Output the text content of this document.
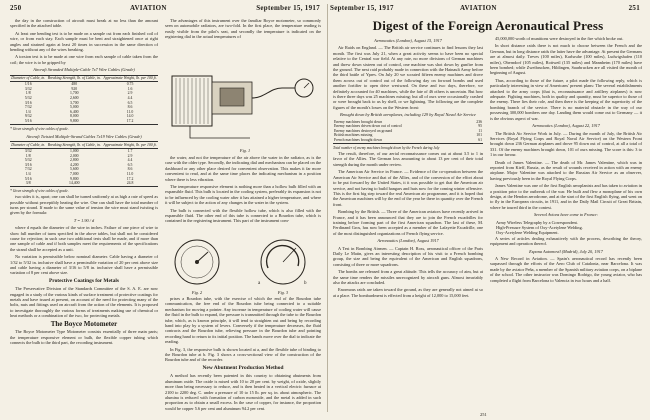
250	AVIATION	September 15, 1917 September 15, 1917	AVIATION	251

the day in the construction of aircraft must break at no less than the amount specified in the attached table.

At least one bending test is to be made on a sample cut from each finished coil of wire, or from each stay. Each sample must be bent and straightened once at right angles and strained again at least 20 times in succession in the same direction of bending without any of the wires breaking.

A torsion test is to be made at one wire from each sample of cable taken from the coil; the wire is to be gripped by

Aircraft Stranded Multiple-Cable 7x7 Wire Cables (Grade)
Diameter of Cable, in.	Breaking Strength, lb. of Cable, in.	Approximate Weight, lb. per 100 ft.
1/16	480	0.75
3/32	920	1.6
1/8	1,700	2.9
5/32	2,600	4.4
3/16	3,700	6.5
7/32	5,000	8.6
1/4	6,400	11.0
9/32	8,000	14.0
5/16	9,800	17.2
* Given strength of wire cables of grade.
Aircraft Twisted Multiple-Strand Cables 7x19 Wire Cables (Grade)
Diameter of Cable, in.	Breaking Strength, lb. of Cable, in.	Approximate Weight, lb. per 100 ft.
3/32	1,000	1.7
1/8	2,000	2.9
5/32	2,800	4.4
3/16	4,200	6.5
7/32	5,600	8.6
1/4	7,000	11.0
5/16	9,800	17.2
3/8	14,400	24.8
* Given strength of wire cables of grade.

two sides it is, apart; one can shall be turned uniformly at as high a rate of speed as possible without perceptibly heating the wire. One can shall have the total number of turns per strand. If made to the same value of tension the wire must stand twisting is given by the formula:

T = 1.90 / d

where d equals the diameter of the wire in inches. Failure of one piece of wire to show full number of turns specified in the above tables, but shall not be considered cause for rejection; in such case two additional tests shall be made, and if more than one sample of cable and if both samples meet the requirements of the specifications the strand shall be accepted as a unit.

No variation is permissible below nominal diameter. Cable having a diameter of 1/32 to 5/32 in. inclusive shall have a permissible variation of 20 per cent above size and cable having a diameter of 3/16 to 5/8 in. inclusive shall have a permissible variation of 8 per cent above size.

Protective Coatings for Metals

The Preservative Division of the Standards Committee of the S. A. E. are now engaged in a study of the various kinds of surface treatment of protective coatings for metals and have issued at present, on account of the need for protecting many of the bolts, nuts and fittings used on aircraft from the action of the elements. It is proposed to investigate thoroughly the various forms of treatments making use of chemical or heat methods or a combination of the two, for protecting metals.

The Boyce Motometer

The Boyce Motometer Type Motometer consists essentially of three main parts; the temperature responsive element or bulb, the flexible copper tubing which connects the bulb to the third part, the recording instrument.

The advantages of this instrument over the familiar Boyce motometer, so commonly seen on automobile radiators, are two-fold. In the first place, the temperature reading is easily visible from the pilot's seat, and secondly the temperature is indicated on the registering dial in the actual temperatures of

Fig. 1

the water, and not the temperature of the air above the water in the radiator, as is the case with the older type. Secondly, the indicating dial and mechanism can be placed on the dashboard or any other place desired for convenient observation. This makes it far more convenient to read, and at the same time places the indicating mechanism in a position where there is less vibration.

The temperature responsive element is nothing more than a hollow bulb filled with an expansible fluid. This bulb is located in the cooling system, preferably its expansion is not to be influenced by the cooling water after it has attained a higher temperature, and where it will be subject to the action of any changes in the water in the system.

The bulb is connected with the flexible hollow tube, which is also filled with the expansible fluid. The other end of this tube is connected to a Bourdon tube, which is contained in the registering instrument. This part of the instrument com-

Fig. 2
a	b
Fig. 3

prises a Bourdon tube, with the exercise of which the end of the Bourdon tube communication, the free end of the Bourdon tube being connected to a suitable mechanism for moving a pointer. Any increase in temperature of cooling water will cause the fluid in the bulb to expand, the pressure is transmitted through the tube to the Bourdon tube, which, as is known principle, it will tend to straighten out and being by recording hand into play by a system of levers. Conversely if the temperature decreases, the fluid contracts and the Bourdon tube, relieving pressure in the Bourdon tube and pointing recording hand to return to its initial position. The hands move over the dial to indicate the reading.

In Fig. 3, the responsive bulb is shown located at a, and the flexible tube of binding to the Bourdon tube at b. Fig. 3 shows a cross-sectional view of the construction of the Bourdon tube and of the recorder.

New Abutment Production Method

A method has recently been patented in this country to obtaining abutments from aluminum oxide. The oxide is mixed with 10 to 20 per cent. by weight, of oxide, slightly more than being necessary to reduce, and is then heated in a vertical electric furnace at 2100 to 2200 deg. C. under a pressure of 10 to 15 lb. per sq. in. about atmospheric. The alumina is reduced with formation of carbon monoxide, and the metal is added in such proportion as to obtain a small excess. In the case of copper, for instance, the proportion would be copper 5.6 per cent and aluminum 94.2 per cent.

Digest of the Foreign Aeronautical Press
Aeronautics (London), August 15, 1917

Air Raids on England. — The British air service continues to find lessons they last month. The first was July 21, when a great activity seems to have been no special relative to the Central war field. At any rate, no more divisions of German machines and threw down sixteen out of control, one machine was shot down by gunfire from the ground. The next raid probably made in connection with the Hainault Army before the third battle of Ypres. On July 20 we scouted fifteen enemy machines and drove them across out of control out of the following day on forward bombs and used another fortifier to open drive westward. On these and two days, therefore, we definitely accounted for 40 machines, while the fate of 46 others is uncertain. But how is there three days was 25 machines missing; but all of ours were occasionally crashed or were brought back to us by shell, or we lightning. The following are the complete figures of the month's losses on the Western front:

Brought down by British aeroplanes, including 129 by Royal Naval Air Service
Enemy machines brought down	236
Enemy machines driven down out of control	95
Enemy machines destroyed on ground	11
British machines missing	101
French machines brought down	61
Total number of enemy machines brought down by the French during July

The result, therefore, of our aerial reconnaissance comes out at about 3.5 to 1 in favor of the Allies. The German loss amounting to about 13 per cent of their total strength during the month under review.

The American Air Service in France. — Evidence of the co-operation between the American Air Service and that of the Allies, and of the conversion of the effort about to be put forward by the United States, it it was possible to get that the American air service, and not having to build hangars and huts now for the coming winter offensive. This is the first big step toward the real American air programme, and it is hoped that the American machines will by the end of the year be there in quantity over the French front.

Bombing by the British. — Three of the American aviators have recently arrived in France, and it has been announced that they are to join the French escadrilles for training before forming part of the first American squadron. The last of these, M. Ferdinand Gros, has now been accepted as a member of the Lafayette Escadrille, one of the most distinguished organizations of French flying service.

Aeronautics (London), August 1917

A Test in Bombing Airmen. — Captain H. Ross, aeronautical officer of the Paris Daily Le Matin, gives an interesting description of his visit to a French bombing group, the size and being the equivalent of the American and English squadrons, consisting of three or more squadrons.

The bombs are released from a great altitude. This tells the accuracy of aim, but at the same time renders the missiles unrecognized by aircraft guns. Almost invariably also the attacks are concluded.

Enormous raids are taken toward the ground, as they are generally not aimed at so at a place. The bombardment is effected from a height of 12,000 to 15,000 feet.

45,000,000 worth of munitions were destroyed in the fire which broke out.

In short distance raids there is not much to choose between the French and the German, but in long distance raids the latter have the advantage. At present the Germans are at almost daily. Treves (100 miles), Karlsruhe (100 miles), Ludwigshafen (110 miles), Oberndorf (105 miles), Rottweil (135 miles) and Mannheim (170 miles) have been bombed; while Zweibrucken, Hildingen, Saarbrucken are all visited the month of beginning of August.

Thus, according to those of the future, a pilot made the following reply, which is particularly interesting in view of Americans' present plans: The several establishments attached to the army corps (that is, reconnaissance and artillery airplanes) is now adequate. Fighting machines, both in quality and quantity, must be superior to those of the enemy. There lies their role, and then there is the keeping of the superiority of the bombing branch of the service. There is no material obstacle in the way of our possessing 300,000 bombers one day. Landing them would come out to Germany — it is the obvious aspect of war.

Aeronautics (London), August 22, 1917

The British Air Service Work in July. — During the month of July, the British Air Services (Royal Flying Corps and Royal Naval Air Service) on the Western Front brought down 236 German airplanes and drove 95 down out of control, at all a total of 331. Of the enemy machines brought down, 101 of ours missing. The score is this: 3 to 1 in our favour.

Death of James Valentine. — The death of Mr. James Valentine, which was in reported from Kieff, Russia, as the result of wounds received in action with an enemy airplane. Major Valentine was attached to the Russian Air Service as an observer, having previously been in the Royal Flying Corps.

James Valentine was one of the first English aeroplanists and has taken to aviation in a position prior to the outbreak of the war. He built and flew a monoplane of his own design, at the Hendon aerodrome, and at the start of the first English flying, and went on to fly in the European circuits, in 1911, and in the Daily Mail Circuit of Great Britain, where he toured third in the contest.

Several Avions have come to France:
Army Wireless Telegraphy by a Correspondent.
High-Pressure System of Oxy-Acetylene Welding.
Oxy-Acetylene Welding Equipment.

A series of articles dealing exhaustively with the process, describing the theory, equipment and operation thereof.

Espana Automovil (Madrid), July 20, 1917

A New Record in Aviation. — Spain's aeronautical record has recently been surpassed through the efforts of the Aero Club of Catalonia, near Barcelona. It was made by the aviator Peña, a member of the Spanish military aviation corps, on a biplane of the school. The other instructor was Domingo Rodrigo, the young aviator, who has completed a flight from Barcelona to Valencia in two hours and a half.

251
